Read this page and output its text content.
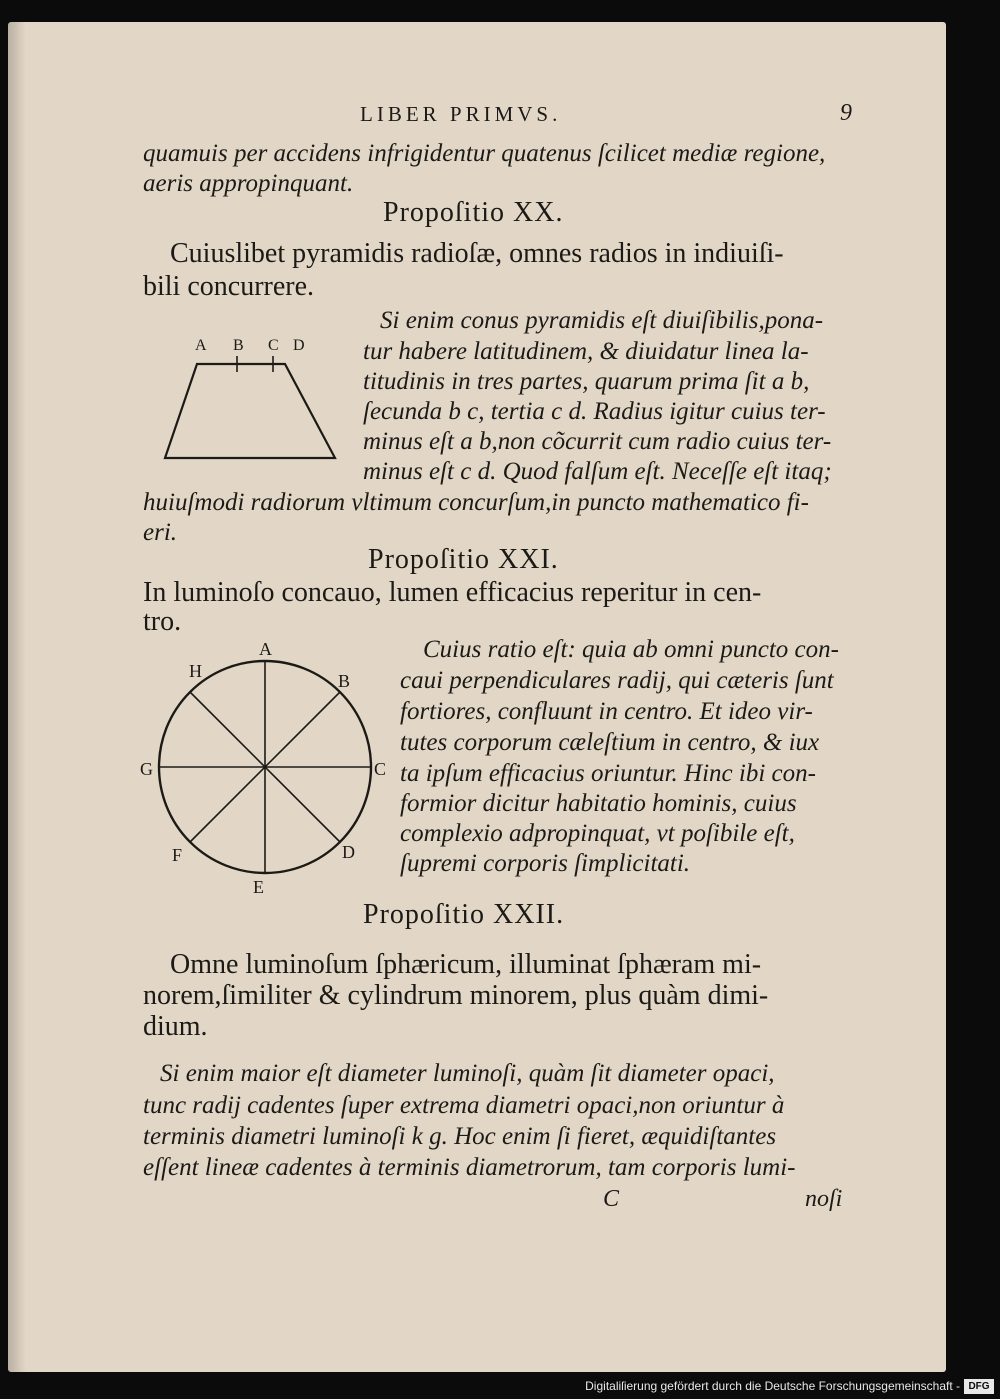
LIBER PRIMVS.	9
quamuis per accidens infrigidentur quatenus ſcilicet mediæ regione,
aeris appropinquant.
Propoſitio XX.
Cuiuslibet pyramidis radioſæ, omnes radios in indiuiſi-
bili concurrere.
Si enim conus pyramidis eſt diuiſibilis,pona-
tur habere latitudinem, & diuidatur linea la-
titudinis in tres partes, quarum prima ſit a b,
ſecunda b c, tertia c d. Radius igitur cuius ter-
minus eſt a b,non cõcurrit cum radio cuius ter-
minus eſt c d. Quod falſum eſt. Neceſſe eſt itaq;
huiuſmodi radiorum vltimum concurſum,in puncto mathematico fi-
eri.
A B C D
Propoſitio XXI.
In luminoſo concauo, lumen efficacius reperitur in cen-
tro.
Cuius ratio eſt: quia ab omni puncto con-
caui perpendiculares radij, qui cæteris ſunt
fortiores, confluunt in centro. Et ideo vir-
tutes corporum cæleſtium in centro, & iux
ta ipſum efficacius oriuntur. Hinc ibi con-
formior dicitur habitatio hominis, cuius
complexio adpropinquat, vt poſibile eſt,
ſupremi corporis ſimplicitati.
A
B
C
D
E
F
G
H
Propoſitio XXII.
Omne luminoſum ſphæricum, illuminat ſphæram mi-
norem,ſimiliter & cylindrum minorem, plus quàm dimi-
dium.
Si enim maior eſt diameter luminoſi, quàm ſit diameter opaci,
tunc radij cadentes ſuper extrema diametri opaci,non oriuntur à
terminis diametri luminoſi k g. Hoc enim ſi fieret, æquidiſtantes
eſſent lineæ cadentes à terminis diametrorum, tam corporis lumi-
C	noſi
Digitaliſierung gefördert durch die Deutsche Forschungsgemeinschaft - DFG
